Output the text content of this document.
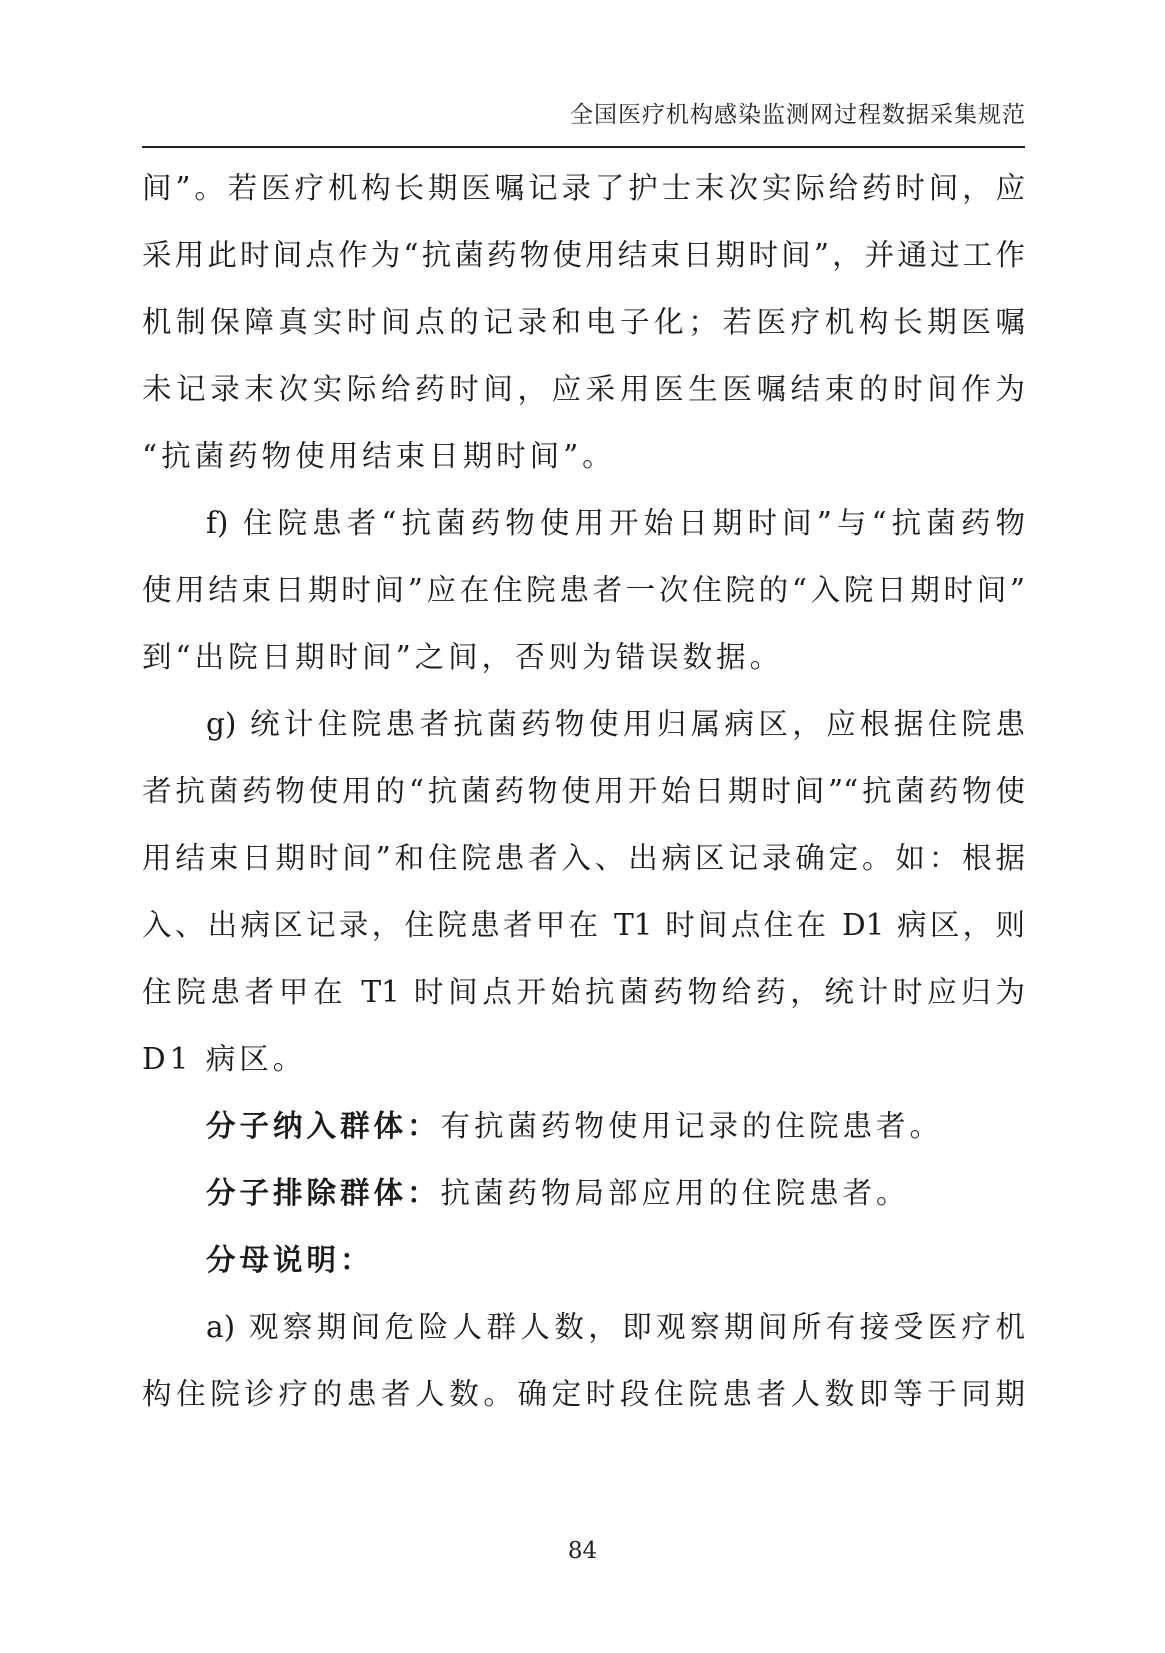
全国医疗机构感染监测网过程数据采集规范
间”。若医疗机构长期医嘱记录了护士末次实际给药时间，应
采用此时间点作为“抗菌药物使用结束日期时间”，并通过工作
机制保障真实时间点的记录和电子化；若医疗机构长期医嘱
未记录末次实际给药时间，应采用医生医嘱结束的时间作为
“抗菌药物使用结束日期时间”。
f) 住院患者“抗菌药物使用开始日期时间”与“抗菌药物
使用结束日期时间”应在住院患者一次住院的“入院日期时间”
到“出院日期时间”之间，否则为错误数据。
g) 统计住院患者抗菌药物使用归属病区，应根据住院患
者抗菌药物使用的“抗菌药物使用开始日期时间”“抗菌药物使
用结束日期时间”和住院患者入、出病区记录确定。如：根据
入、出病区记录，住院患者甲在 T1 时间点住在 D1 病区，则
住院患者甲在 T1 时间点开始抗菌药物给药，统计时应归为
D1 病区。
分子纳入群体：有抗菌药物使用记录的住院患者。
分子排除群体：抗菌药物局部应用的住院患者。
分母说明：
a) 观察期间危险人群人数，即观察期间所有接受医疗机
构住院诊疗的患者人数。确定时段住院患者人数即等于同期
84
